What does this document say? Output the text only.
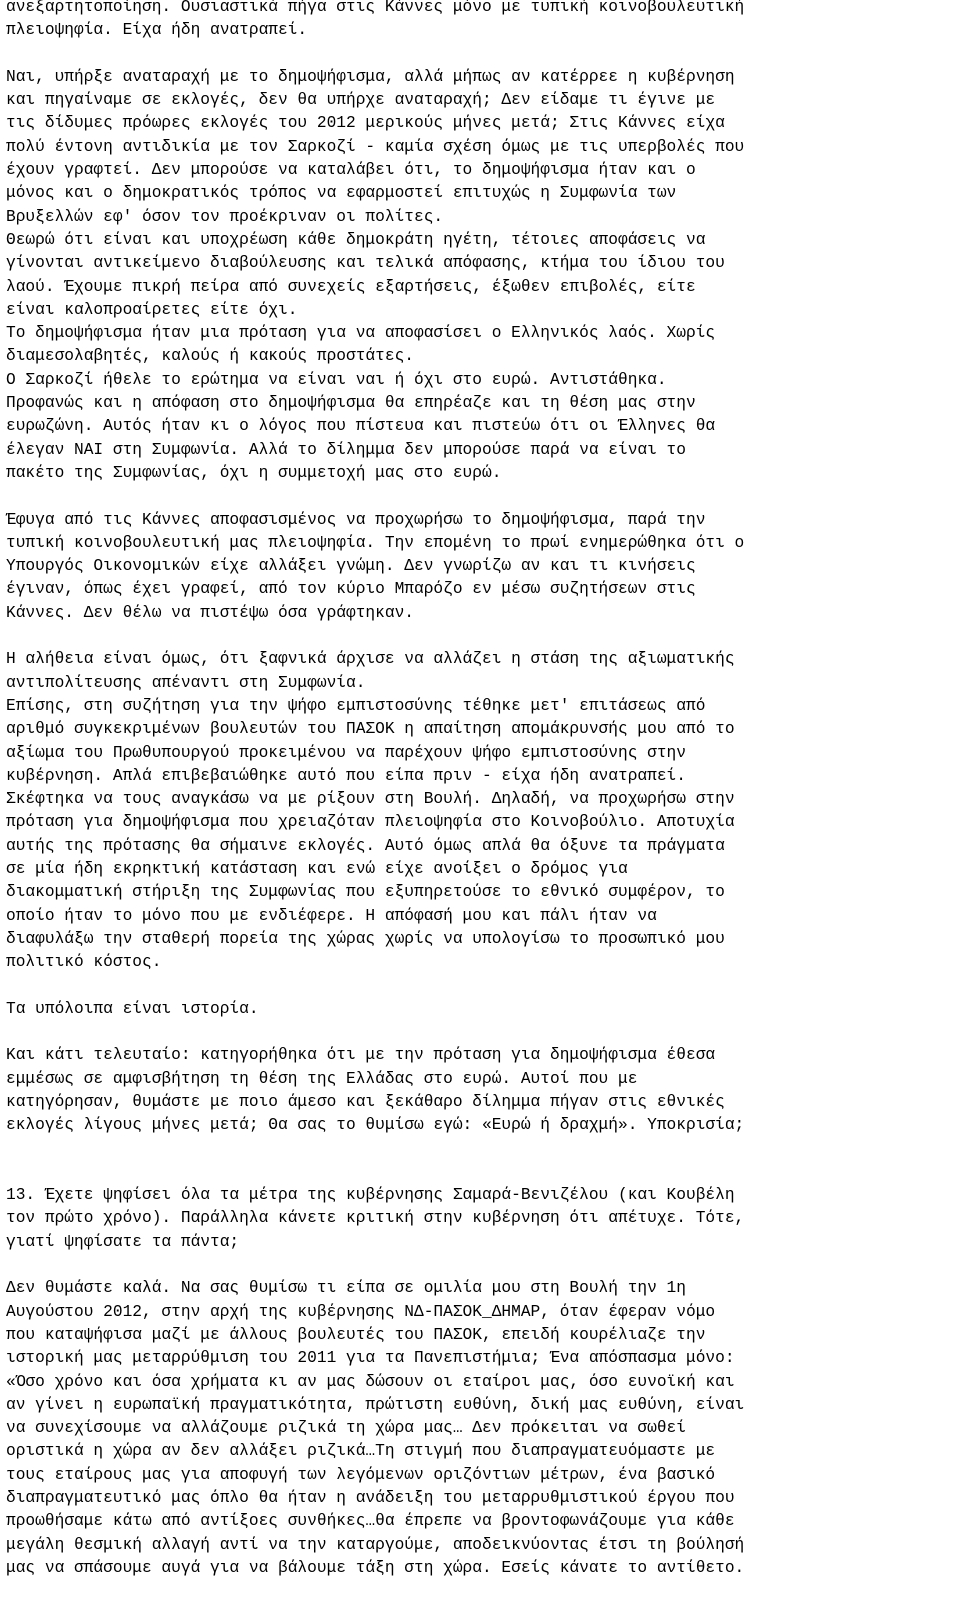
ανεξαρτητοποίηση. Ουσιαστικά πήγα στις Κάννες μόνο με τυπική κοινοβουλευτική
πλειοψηφία. Είχα ήδη ανατραπεί.
Ναι, υπήρξε αναταραχή με το δημοψήφισμα, αλλά μήπως αν κατέρρεε η κυβέρνηση
και πηγαίναμε σε εκλογές, δεν θα υπήρχε αναταραχή; Δεν είδαμε τι έγινε με
τις δίδυμες πρόωρες εκλογές του 2012 μερικούς μήνες μετά; Στις Κάννες είχα
πολύ έντονη αντιδικία με τον Σαρκοζί - καμία σχέση όμως με τις υπερβολές που
έχουν γραφτεί. Δεν μπορούσε να καταλάβει ότι, το δημοψήφισμα ήταν και ο
μόνος και ο δημοκρατικός τρόπος να εφαρμοστεί επιτυχώς η Συμφωνία των
Βρυξελλών εφ' όσον τον προέκριναν οι πολίτες.
Θεωρώ ότι είναι και υποχρέωση κάθε δημοκράτη ηγέτη, τέτοιες αποφάσεις να
γίνονται αντικείμενο διαβούλευσης και τελικά απόφασης, κτήμα του ίδιου του
λαού. Έχουμε πικρή πείρα από συνεχείς εξαρτήσεις, έξωθεν επιβολές, είτε
είναι καλοπροαίρετες είτε όχι.
Το δημοψήφισμα ήταν μια πρόταση για να αποφασίσει ο Ελληνικός λαός. Χωρίς
διαμεσολαβητές, καλούς ή κακούς προστάτες.
Ο Σαρκοζί ήθελε το ερώτημα να είναι ναι ή όχι στο ευρώ. Αντιστάθηκα.
Προφανώς και η απόφαση στο δημοψήφισμα θα επηρέαζε και τη θέση μας στην
ευρωζώνη. Αυτός ήταν κι ο λόγος που πίστευα και πιστεύω ότι οι Έλληνες θα
έλεγαν ΝΑΙ στη Συμφωνία. Αλλά το δίλημμα δεν μπορούσε παρά να είναι το
πακέτο της Συμφωνίας, όχι η συμμετοχή μας στο ευρώ.
Έφυγα από τις Κάννες αποφασισμένος να προχωρήσω το δημοψήφισμα, παρά την
τυπική κοινοβουλευτική μας πλειοψηφία. Την επομένη το πρωί ενημερώθηκα ότι ο
Υπουργός Οικονομικών είχε αλλάξει γνώμη. Δεν γνωρίζω αν και τι κινήσεις
έγιναν, όπως έχει γραφεί, από τον κύριο Μπαρόζο εν μέσω συζητήσεων στις
Κάννες. Δεν θέλω να πιστέψω όσα γράφτηκαν.
Η αλήθεια είναι όμως, ότι ξαφνικά άρχισε να αλλάζει η στάση της αξιωματικής
αντιπολίτευσης απέναντι στη Συμφωνία.
Επίσης, στη συζήτηση για την ψήφο εμπιστοσύνης τέθηκε μετ' επιτάσεως από
αριθμό συγκεκριμένων βουλευτών του ΠΑΣΟΚ η απαίτηση απομάκρυνσής μου από το
αξίωμα του Πρωθυπουργού προκειμένου να παρέχουν ψήφο εμπιστοσύνης στην
κυβέρνηση. Απλά επιβεβαιώθηκε αυτό που είπα πριν - είχα ήδη ανατραπεί.
Σκέφτηκα να τους αναγκάσω να με ρίξουν στη Βουλή. Δηλαδή, να προχωρήσω στην
πρόταση για δημοψήφισμα που χρειαζόταν πλειοψηφία στο Κοινοβούλιο. Αποτυχία
αυτής της πρότασης θα σήμαινε εκλογές. Αυτό όμως απλά θα όξυνε τα πράγματα
σε μία ήδη εκρηκτική κατάσταση και ενώ είχε ανοίξει ο δρόμος για
διακομματική στήριξη της Συμφωνίας που εξυπηρετούσε το εθνικό συμφέρον, το
οποίο ήταν το μόνο που με ενδιέφερε. Η απόφασή μου και πάλι ήταν να
διαφυλάξω την σταθερή πορεία της χώρας χωρίς να υπολογίσω το προσωπικό μου
πολιτικό κόστος.
Τα υπόλοιπα είναι ιστορία.
Και κάτι τελευταίο: κατηγορήθηκα ότι με την πρόταση για δημοψήφισμα έθεσα
εμμέσως σε αμφισβήτηση τη θέση της Ελλάδας στο ευρώ. Αυτοί που με
κατηγόρησαν, θυμάστε με ποιο άμεσο και ξεκάθαρο δίλημμα πήγαν στις εθνικές
εκλογές λίγους μήνες μετά; Θα σας το θυμίσω εγώ: «Ευρώ ή δραχμή». Υποκρισία;
13. Έχετε ψηφίσει όλα τα μέτρα της κυβέρνησης Σαμαρά-Βενιζέλου (και Κουβέλη
τον πρώτο χρόνο). Παράλληλα κάνετε κριτική στην κυβέρνηση ότι απέτυχε. Τότε,
γιατί ψηφίσατε τα πάντα;
Δεν θυμάστε καλά. Να σας θυμίσω τι είπα σε ομιλία μου στη Βουλή την 1η
Αυγούστου 2012, στην αρχή της κυβέρνησης ΝΔ-ΠΑΣΟΚ_ΔΗΜΑΡ, όταν έφεραν νόμο
που καταψήφισα μαζί με άλλους βουλευτές του ΠΑΣΟΚ, επειδή κουρέλιαζε την
ιστορική μας μεταρρύθμιση του 2011 για τα Πανεπιστήμια; Ένα απόσπασμα μόνο:
«Όσο χρόνο και όσα χρήματα κι αν μας δώσουν οι εταίροι μας, όσο ευνοϊκή και
αν γίνει η ευρωπαϊκή πραγματικότητα, πρώτιστη ευθύνη, δική μας ευθύνη, είναι
να συνεχίσουμε να αλλάζουμε ριζικά τη χώρα μας… Δεν πρόκειται να σωθεί
οριστικά η χώρα αν δεν αλλάξει ριζικά…Τη στιγμή που διαπραγματευόμαστε με
τους εταίρους μας για αποφυγή των λεγόμενων οριζόντιων μέτρων, ένα βασικό
διαπραγματευτικό μας όπλο θα ήταν η ανάδειξη του μεταρρυθμιστικού έργου που
προωθήσαμε κάτω από αντίξοες συνθήκες…θα έπρεπε να βροντοφωνάζουμε για κάθε
μεγάλη θεσμική αλλαγή αντί να την καταργούμε, αποδεικνύοντας έτσι τη βούλησή
μας να σπάσουμε αυγά για να βάλουμε τάξη στη χώρα. Εσείς κάνατε το αντίθετο.
